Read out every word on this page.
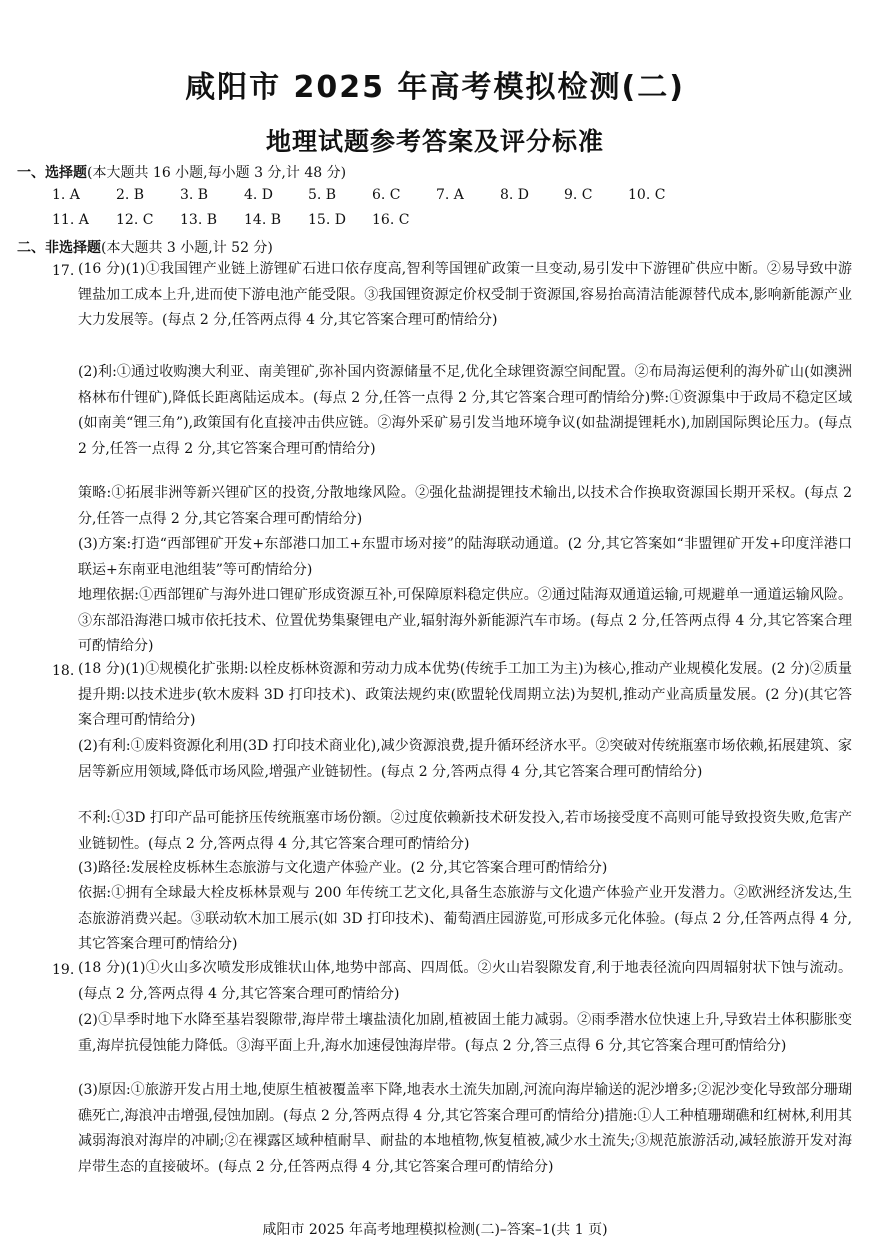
咸阳市 2025 年高考模拟检测(二)
地理试题参考答案及评分标准
一、选择题(本大题共 16 小题,每小题 3 分,计 48 分)
1. A	2. B	3. B	4. D 5. B	6. C	7. A	8. D 9. C	10. C
11. A 12. C 13. B 14. B 15. D 16. C
二、非选择题(本大题共 3 小题,计 52 分)
17. (16 分)(1)①我国锂产业链上游锂矿石进口依存度高,智利等国锂矿政策一旦变动,易引发中下游锂矿供应中断。②易导致中游锂盐加工成本上升,进而使下游电池产能受限。③我国锂资源定价权受制于资源国,容易抬高清洁能源替代成本,影响新能源产业大力发展等。(每点 2 分,任答两点得 4 分,其它答案合理可酌情给分)
(2)利:①通过收购澳大利亚、南美锂矿,弥补国内资源储量不足,优化全球锂资源空间配置。②布局海运便利的海外矿山(如澳洲格林布什锂矿),降低长距离陆运成本。(每点 2 分,任答一点得 2 分,其它答案合理可酌情给分)弊:①资源集中于政局不稳定区域(如南美“锂三角”),政策国有化直接冲击供应链。②海外采矿易引发当地环境争议(如盐湖提锂耗水),加剧国际舆论压力。(每点 2 分,任答一点得 2 分,其它答案合理可酌情给分)
策略:①拓展非洲等新兴锂矿区的投资,分散地缘风险。②强化盐湖提锂技术输出,以技术合作换取资源国长期开采权。(每点 2 分,任答一点得 2 分,其它答案合理可酌情给分)
(3)方案:打造“西部锂矿开发+东部港口加工+东盟市场对接”的陆海联动通道。(2 分,其它答案如“非盟锂矿开发+印度洋港口联运+东南亚电池组装”等可酌情给分)
地理依据:①西部锂矿与海外进口锂矿形成资源互补,可保障原料稳定供应。②通过陆海双通道运输,可规避单一通道运输风险。③东部沿海港口城市依托技术、位置优势集聚锂电产业,辐射海外新能源汽车市场。(每点 2 分,任答两点得 4 分,其它答案合理可酌情给分)
18. (18 分)(1)①规模化扩张期:以栓皮栎林资源和劳动力成本优势(传统手工加工为主)为核心,推动产业规模化发展。(2 分)②质量提升期:以技术进步(软木废料 3D 打印技术)、政策法规约束(欧盟轮伐周期立法)为契机,推动产业高质量发展。(2 分)(其它答案合理可酌情给分)
(2)有利:①废料资源化利用(3D 打印技术商业化),减少资源浪费,提升循环经济水平。②突破对传统瓶塞市场依赖,拓展建筑、家居等新应用领域,降低市场风险,增强产业链韧性。(每点 2 分,答两点得 4 分,其它答案合理可酌情给分)
不利:①3D 打印产品可能挤压传统瓶塞市场份额。②过度依赖新技术研发投入,若市场接受度不高则可能导致投资失败,危害产业链韧性。(每点 2 分,答两点得 4 分,其它答案合理可酌情给分)
(3)路径:发展栓皮栎林生态旅游与文化遗产体验产业。(2 分,其它答案合理可酌情给分)
依据:①拥有全球最大栓皮栎林景观与 200 年传统工艺文化,具备生态旅游与文化遗产体验产业开发潜力。②欧洲经济发达,生态旅游消费兴起。③联动软木加工展示(如 3D 打印技术)、葡萄酒庄园游览,可形成多元化体验。(每点 2 分,任答两点得 4 分,其它答案合理可酌情给分)
19. (18 分)(1)①火山多次喷发形成锥状山体,地势中部高、四周低。②火山岩裂隙发育,利于地表径流向四周辐射状下蚀与流动。(每点 2 分,答两点得 4 分,其它答案合理可酌情给分)
(2)①旱季时地下水降至基岩裂隙带,海岸带土壤盐渍化加剧,植被固土能力减弱。②雨季潜水位快速上升,导致岩土体积膨胀变重,海岸抗侵蚀能力降低。③海平面上升,海水加速侵蚀海岸带。(每点 2 分,答三点得 6 分,其它答案合理可酌情给分)
(3)原因:①旅游开发占用土地,使原生植被覆盖率下降,地表水土流失加剧,河流向海岸输送的泥沙增多;②泥沙变化导致部分珊瑚礁死亡,海浪冲击增强,侵蚀加剧。(每点 2 分,答两点得 4 分,其它答案合理可酌情给分)措施:①人工种植珊瑚礁和红树林,利用其减弱海浪对海岸的冲刷;②在裸露区域种植耐旱、耐盐的本地植物,恢复植被,减少水土流失;③规范旅游活动,减轻旅游开发对海岸带生态的直接破坏。(每点 2 分,任答两点得 4 分,其它答案合理可酌情给分)
咸阳市 2025 年高考地理模拟检测(二)–答案–1(共 1 页)
